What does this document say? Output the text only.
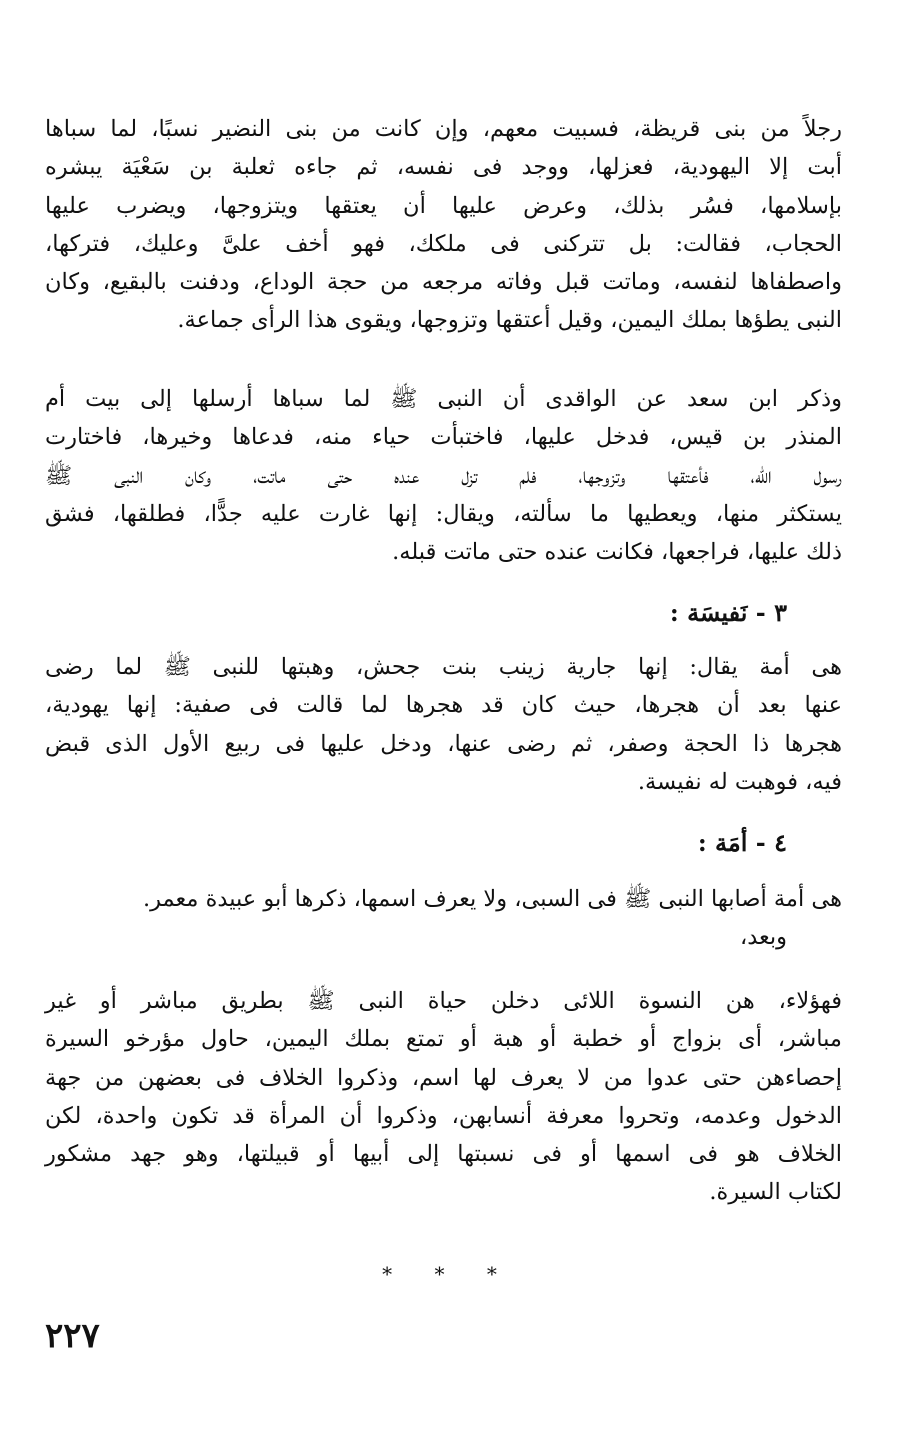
رجلاً من بنى قريظة، فسبيت معهم، وإن كانت من بنى النضير نسبًا، لما سباها
أبت إلا اليهودية، فعزلها، ووجد فى نفسه، ثم جاءه ثعلبة بن سَعْيَة يبشره
بإسلامها، فسُر بذلك، وعرض عليها أن يعتقها ويتزوجها، ويضرب عليها
الحجاب، فقالت: بل تتركنى فى ملكك، فهو أخف علىَّ وعليك، فتركها،
واصطفاها لنفسه، وماتت قبل وفاته مرجعه من حجة الوداع، ودفنت بالبقيع، وكان
النبى يطؤها بملك اليمين، وقيل أعتقها وتزوجها، ويقوى هذا الرأى جماعة.
وذكر ابن سعد عن الواقدى أن النبى ﷺ لما سباها أرسلها إلى بيت أم
المنذر بن قيس، فدخل عليها، فاختبأت حياء منه، فدعاها وخيرها، فاختارت
رسول الله، فأعتقها وتزوجها، فلم تزل عنده حتى ماتت، وكان النبى ﷺ
يستكثر منها، ويعطيها ما سألته، ويقال: إنها غارت عليه جدًّا، فطلقها، فشق
ذلك عليها، فراجعها، فكانت عنده حتى ماتت قبله.
٣ - نَفيسَة :
هى أمة يقال: إنها جارية زينب بنت جحش، وهبتها للنبى ﷺ لما رضى
عنها بعد أن هجرها، حيث كان قد هجرها لما قالت فى صفية: إنها يهودية،
هجرها ذا الحجة وصفر، ثم رضى عنها، ودخل عليها فى ربيع الأول الذى قبض
فيه، فوهبت له نفيسة.
٤ - أمَة :
هى أمة أصابها النبى ﷺ فى السبى، ولا يعرف اسمها، ذكرها أبو عبيدة معمر.
وبعد،
فهؤلاء، هن النسوة اللائى دخلن حياة النبى ﷺ بطريق مباشر أو غير
مباشر، أى بزواج أو خطبة أو هبة أو تمتع بملك اليمين، حاول مؤرخو السيرة
إحصاءهن حتى عدوا من لا يعرف لها اسم، وذكروا الخلاف فى بعضهن من جهة
الدخول وعدمه، وتحروا معرفة أنسابهن، وذكروا أن المرأة قد تكون واحدة، لكن
الخلاف هو فى اسمها أو فى نسبتها إلى أبيها أو قبيلتها، وهو جهد مشكور
لكتاب السيرة.
* * *
٢٢٧
